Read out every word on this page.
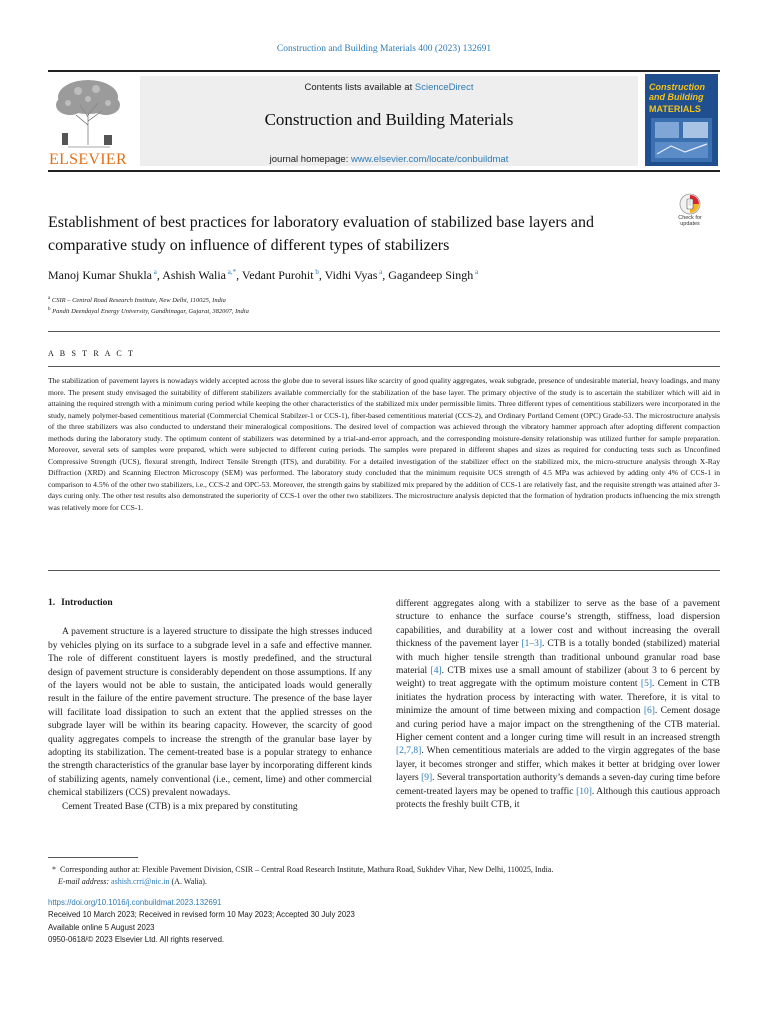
Construction and Building Materials 400 (2023) 132691
ELSEVIER
Contents lists available at ScienceDirect
Construction and Building Materials
journal homepage: www.elsevier.com/locate/conbuildmat
Construction and Building
MATERIALS
Establishment of best practices for laboratory evaluation of stabilized base layers and comparative study on influence of different types of stabilizers
Check for updates
Manoj Kumar Shukla $^a$, Ashish Walia $^{a,*}$, Vedant Purohit $^b$, Vidhi Vyas $^a$, Gagandeep Singh $^a$
$^a$ CSIR – Central Road Research Institute, New Delhi, 110025, India
$^b$ Pandit Deendayal Energy University, Gandhinagar, Gujarat, 382007, India
A B S T R A C T
The stabilization of pavement layers is nowadays widely accepted across the globe due to several issues like scarcity of good quality aggregates, weak subgrade, presence of undesirable material, heavy loadings, and many more. The present study envisaged the suitability of different stabilizers available commercially for the stabilization of the base layer. The primary objective of the study is to ascertain the stabilizer which will aid in attaining the required strength with a minimum curing period while keeping the other characteristics of the stabilized mix under permissible limits. Three different types of cementitious stabilizers were incorporated in the study, namely polymer-based cementitious material (Commercial Chemical Stabilzer-1 or CCS-1), fiber-based cementitious material (CCS-2), and Ordinary Portland Cement (OPC) Grade-53. The microstructure analysis of the three stabilizers was also conducted to understand their mineralogical compositions. The desired level of compaction was achieved through the vibratory hammer approach after adopting different compaction methods during the laboratory study. The optimum content of stabilizers was determined by a trial-and-error approach, and the corresponding moisture-density relationship was utilized further for sample preparation. Moreover, several sets of samples were prepared, which were subjected to different curing periods. The samples were prepared in different shapes and sizes as required for conducting tests such as Unconfined Compressive Strength (UCS), flexural strength, Indirect Tensile Strength (ITS), and durability. For a detailed investigation of the stabilizer effect on the stabilized mix, the micro-structure analysis through X-Ray Diffraction (XRD) and Scanning Electron Microscopy (SEM) was performed. The laboratory study concluded that the minimum requisite UCS strength of 4.5 MPa was achieved by adding only 4% of CCS-1 in comparison to 4.5% of the other two stabilizers, i.e., CCS-2 and OPC-53. Moreover, the strength gains by stabilized mix prepared by the addition of CCS-1 are relatively fast, and the requisite strength was attained after 3-days curing only. The other test results also demonstrated the superiority of CCS-1 over the other two stabilizers. The microstructure analysis depicted that the formation of hydration products influencing the mix strength was relatively more for CCS-1.
1. Introduction

A pavement structure is a layered structure to dissipate the high stresses induced by vehicles plying on its surface to a subgrade level in a safe and effective manner. The role of different constituent layers is mostly predefined, and the structural design of pavement structure is considerably dependent on those assumptions. If any of the layers would not be able to sustain, the anticipated loads would generally result in the failure of the entire pavement structure. The presence of the base layer will facilitate load dissipation to such an extent that the applied stresses on the subgrade layer will be within its bearing capacity. However, the scarcity of good quality aggregates compels to increase the strength of the granular base layer by adopting its stabilization. The cement-treated base is a popular strategy to enhance the strength characteristics of the granular base layer by incorporating different kinds of stabilizing agents, namely conventional (i.e., cement, lime) and other commercial chemical stabilizers (CCS) prevalent nowadays.

Cement Treated Base (CTB) is a mix prepared by constituting

different aggregates along with a stabilizer to serve as the base of a pavement structure to enhance the surface course’s strength, stiffness, load dispersion capabilities, and durability at a lower cost and without increasing the overall thickness of the pavement layer [1–3]. CTB is a totally bonded (stabilized) material with much higher tensile strength than traditional unbound granular road base material [4]. CTB mixes use a small amount of stabilizer (about 3 to 6 percent by weight) to treat aggregate with the optimum moisture content [5]. Cement in CTB initiates the hydration process by interacting with water. Therefore, it is vital to minimize the amount of time between mixing and compaction [6]. Cement dosage and curing period have a major impact on the strengthening of the CTB material. Higher cement content and a longer curing time will result in an increased strength [2,7,8]. When cementitious materials are added to the virgin aggregates of the base layer, it becomes stronger and stiffer, which makes it better at bridging over lower layers [9]. Several transportation authority’s demands a seven-day curing time before cement-treated layers may be opened to traffic [10]. Although this cautious approach protects the freshly built CTB, it

* Corresponding author at: Flexible Pavement Division, CSIR – Central Road Research Institute, Mathura Road, Sukhdev Vihar, New Delhi, 110025, India.
E-mail address: ashish.crri@nic.in (A. Walia).
https://doi.org/10.1016/j.conbuildmat.2023.132691
Received 10 March 2023; Received in revised form 10 May 2023; Accepted 30 July 2023
Available online 5 August 2023
0950-0618/© 2023 Elsevier Ltd. All rights reserved.
